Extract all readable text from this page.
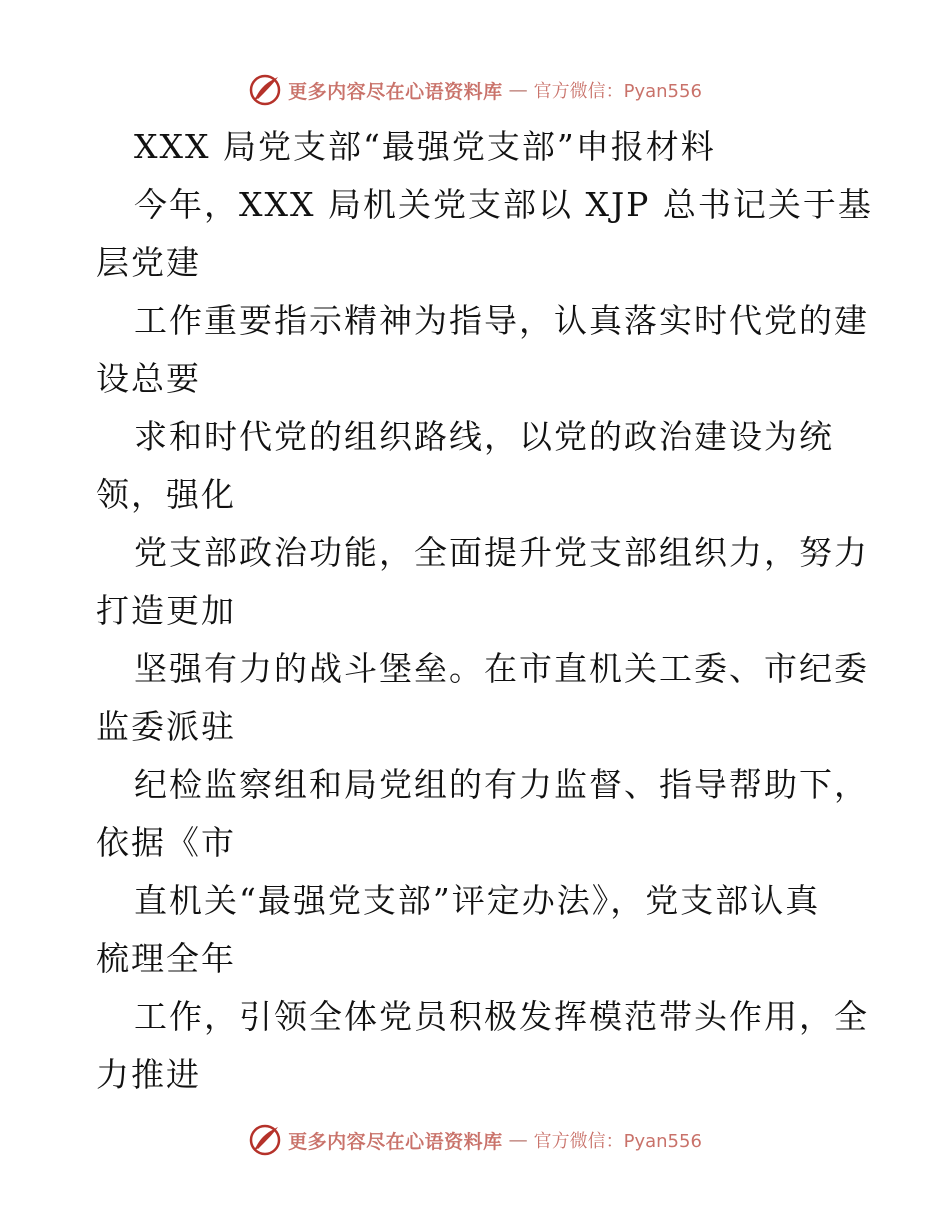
更多内容尽在心语资料库 — 官方微信：Pyan556
XXX 局党支部“最强党支部”申报材料
今年，XXX 局机关党支部以 XJP 总书记关于基
层党建
工作重要指示精神为指导，认真落实时代党的建
设总要
求和时代党的组织路线，以党的政治建设为统
领，强化
党支部政治功能，全面提升党支部组织力，努力
打造更加
坚强有力的战斗堡垒。在市直机关工委、市纪委
监委派驻
纪检监察组和局党组的有力监督、指导帮助下，
依据《市
直机关“最强党支部”评定办法》，党支部认真
梳理全年
工作，引领全体党员积极发挥模范带头作用，全
力推进
更多内容尽在心语资料库 — 官方微信：Pyan556
